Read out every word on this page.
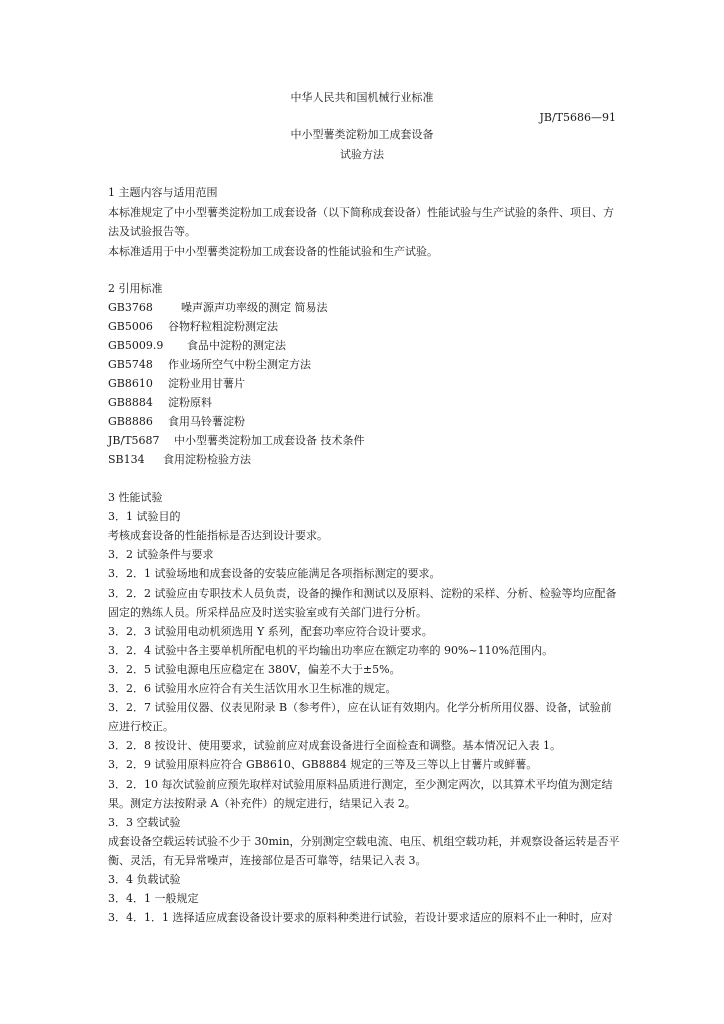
中华人民共和国机械行业标准
JB/T5686—91
中小型薯类淀粉加工成套设备
试验方法
1 主题内容与适用范围
本标准规定了中小型薯类淀粉加工成套设备（以下简称成套设备）性能试验与生产试验的条件、项目、方
法及试验报告等。
本标准适用于中小型薯类淀粉加工成套设备的性能试验和生产试验。
2 引用标准
GB3768	噪声源声功率级的测定 简易法
GB5006 谷物籽粒粗淀粉测定法
GB5009.9 食品中淀粉的测定法
GB5748 作业场所空气中粉尘测定方法
GB8610 淀粉业用甘薯片
GB8884 淀粉原料
GB8886 食用马铃薯淀粉
JB/T5687 中小型薯类淀粉加工成套设备 技术条件
SB134 食用淀粉检验方法
3 性能试验
3．1 试验目的
考核成套设备的性能指标是否达到设计要求。
3．2 试验条件与要求
3．2．1 试验场地和成套设备的安装应能满足各项指标测定的要求。
3．2．2 试验应由专职技术人员负责，设备的操作和测试以及原料、淀粉的采样、分析、检验等均应配备
固定的熟练人员。所采样品应及时送实验室或有关部门进行分析。
3．2．3 试验用电动机须选用 Y 系列，配套功率应符合设计要求。
3．2．4 试验中各主要单机所配电机的平均输出功率应在额定功率的 90%~110%范围内。
3．2．5 试验电源电压应稳定在 380V，偏差不大于±5%。
3．2．6 试验用水应符合有关生活饮用水卫生标准的规定。
3．2．7 试验用仪器、仪表见附录 B（参考件），应在认证有效期内。化学分析所用仪器、设备，试验前
应进行校正。
3．2．8 按设计、使用要求，试验前应对成套设备进行全面检查和调整。基本情况记入表 1。
3．2．9 试验用原料应符合 GB8610、GB8884 规定的三等及三等以上甘薯片或鲜薯。
3．2．10 每次试验前应预先取样对试验用原料品质进行测定，至少测定两次，以其算术平均值为测定结
果。测定方法按附录 A（补充件）的规定进行，结果记入表 2。
3．3 空载试验
成套设备空载运转试验不少于 30min，分别测定空载电流、电压、机组空载功耗，并观察设备运转是否平
衡、灵活，有无异常噪声，连接部位是否可靠等，结果记入表 3。
3．4 负载试验
3．4．1 一般规定
3．4．1．1 选择适应成套设备设计要求的原料种类进行试验，若设计要求适应的原料不止一种时，应对
